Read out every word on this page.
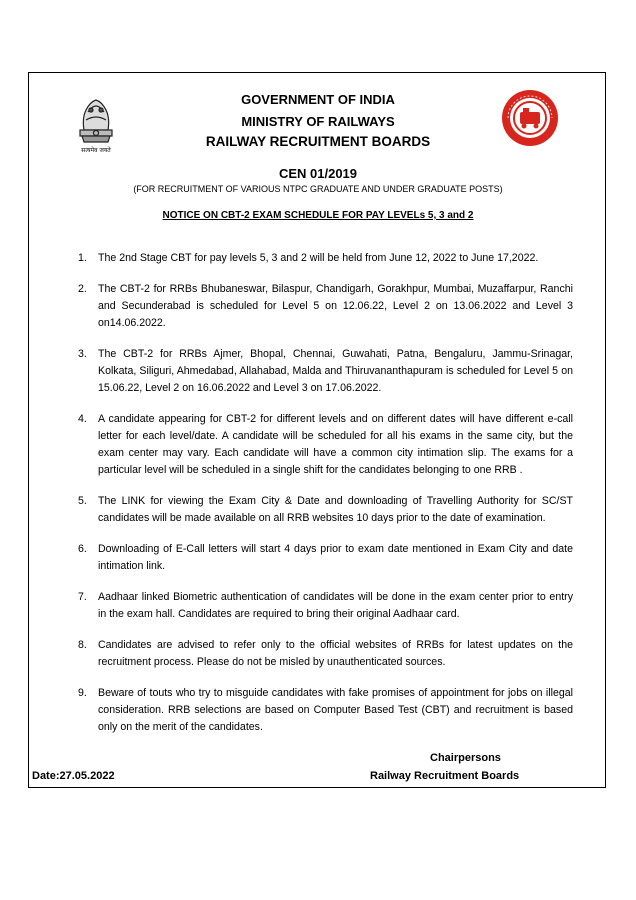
सत्यमेव जयते
GOVERNMENT OF INDIA
MINISTRY OF RAILWAYS
RAILWAY RECRUITMENT BOARDS
CEN 01/2019
(FOR RECRUITMENT OF VARIOUS NTPC GRADUATE AND UNDER GRADUATE POSTS)
NOTICE ON CBT-2 EXAM SCHEDULE FOR PAY LEVELs 5, 3 and 2
1. The 2nd Stage CBT for pay levels 5, 3 and 2 will be held from June 12, 2022 to June 17,2022.
2. The CBT-2 for RRBs Bhubaneswar, Bilaspur, Chandigarh, Gorakhpur, Mumbai, Muzaffarpur, Ranchi and Secunderabad is scheduled for Level 5 on 12.06.22, Level 2 on 13.06.2022 and Level 3 on14.06.2022.
3. The CBT-2 for RRBs Ajmer, Bhopal, Chennai, Guwahati, Patna, Bengaluru, Jammu-Srinagar, Kolkata, Siliguri, Ahmedabad, Allahabad, Malda and Thiruvananthapuram is scheduled for Level 5 on 15.06.22, Level 2 on 16.06.2022 and Level 3 on 17.06.2022.
4. A candidate appearing for CBT-2 for different levels and on different dates will have different e-call letter for each level/date. A candidate will be scheduled for all his exams in the same city, but the exam center may vary. Each candidate will have a common city intimation slip. The exams for a particular level will be scheduled in a single shift for the candidates belonging to one RRB .
5. The LINK for viewing the Exam City & Date and downloading of Travelling Authority for SC/ST candidates will be made available on all RRB websites 10 days prior to the date of examination.
6. Downloading of E-Call letters will start 4 days prior to exam date mentioned in Exam City and date intimation link.
7. Aadhaar linked Biometric authentication of candidates will be done in the exam center prior to entry in the exam hall. Candidates are required to bring their original Aadhaar card.
8. Candidates are advised to refer only to the official websites of RRBs for latest updates on the recruitment process. Please do not be misled by unauthenticated sources.
9. Beware of touts who try to misguide candidates with fake promises of appointment for jobs on illegal consideration. RRB selections are based on Computer Based Test (CBT) and recruitment is based only on the merit of the candidates.
Chairpersons
Railway Recruitment Boards
Date:27.05.2022
